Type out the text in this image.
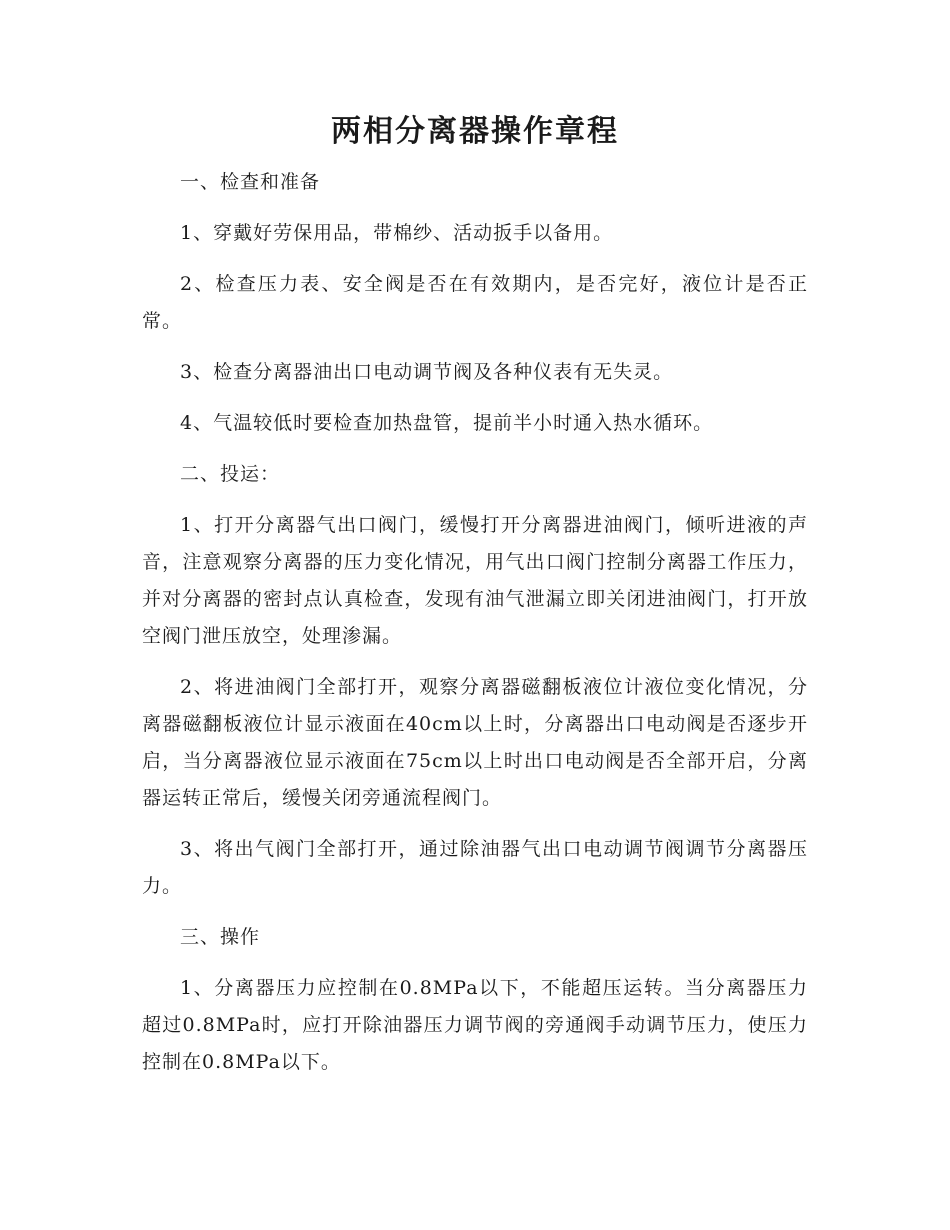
两相分离器操作章程

一、检查和准备

1、穿戴好劳保用品，带棉纱、活动扳手以备用。

2、检查压力表、安全阀是否在有效期内，是否完好，液位计是否正常。

3、检查分离器油出口电动调节阀及各种仪表有无失灵。

4、气温较低时要检查加热盘管，提前半小时通入热水循环。

二、投运：

1、打开分离器气出口阀门，缓慢打开分离器进油阀门，倾听进液的声音，注意观察分离器的压力变化情况，用气出口阀门控制分离器工作压力，并对分离器的密封点认真检查，发现有油气泄漏立即关闭进油阀门，打开放空阀门泄压放空，处理渗漏。

2、将进油阀门全部打开，观察分离器磁翻板液位计液位变化情况，分离器磁翻板液位计显示液面在40cm以上时，分离器出口电动阀是否逐步开启，当分离器液位显示液面在75cm以上时出口电动阀是否全部开启，分离器运转正常后，缓慢关闭旁通流程阀门。

3、将出气阀门全部打开，通过除油器气出口电动调节阀调节分离器压力。

三、操作

1、分离器压力应控制在0.8MPa以下，不能超压运转。当分离器压力超过0.8MPa时，应打开除油器压力调节阀的旁通阀手动调节压力，使压力控制在0.8MPa以下。
